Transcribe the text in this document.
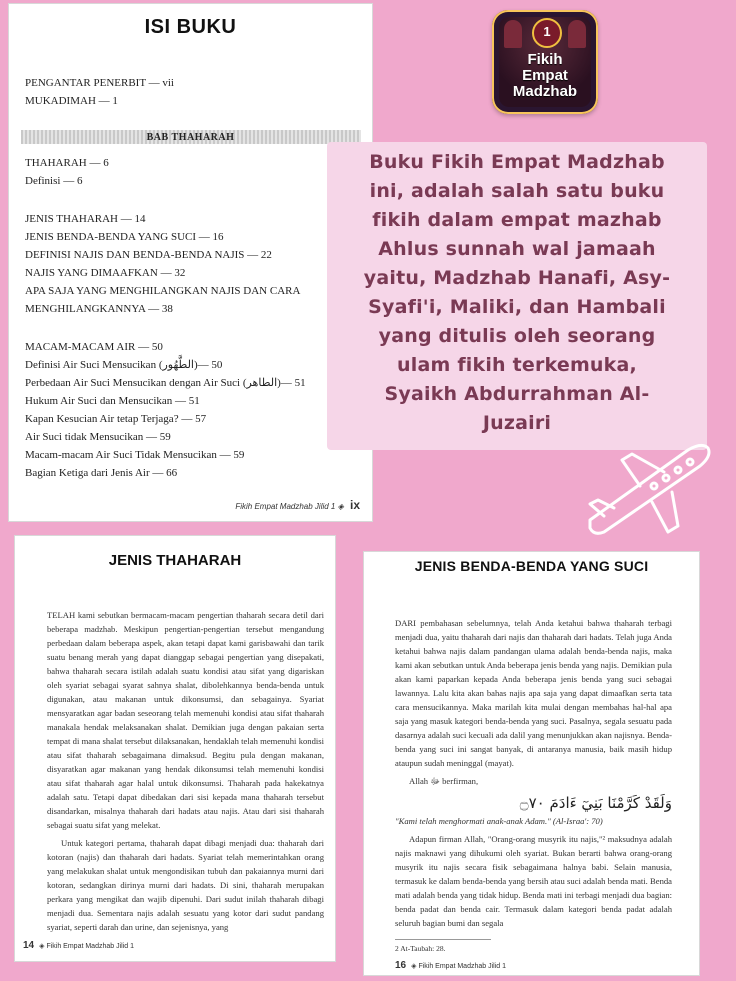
ISI BUKU
PENGANTAR PENERBIT — vii
MUKADIMAH — 1
BAB THAHARAH
THAHARAH — 6
Definisi — 6
JENIS THAHARAH — 14
JENIS BENDA-BENDA YANG SUCI — 16
DEFINISI NAJIS DAN BENDA-BENDA NAJIS — 22
NAJIS YANG DIMAAFKAN — 32
APA SAJA YANG MENGHILANGKAN NAJIS DAN CARA
MENGHILANGKANNYA — 38
MACAM-MACAM AIR — 50
Definisi Air Suci Mensucikan (الطَّهُور)— 50
Perbedaan Air Suci Mensucikan dengan Air Suci (الطاهر)— 51
Hukum Air Suci dan Mensucikan — 51
Kapan Kesucian Air tetap Terjaga? — 57
Air Suci tidak Mensucikan — 59
Macam-macam Air Suci Tidak Mensucikan — 59
Bagian Ketiga dari Jenis Air — 66
Fikih Empat Madzhab Jilid 1 ◈ ix
1
Fikih
Empat
Madzhab
Buku Fikih Empat Madzhab
ini, adalah salah satu buku
fikih dalam empat mazhab
Ahlus sunnah wal jamaah
yaitu, Madzhab Hanafi, Asy-
Syafi'i, Maliki, dan Hambali
yang ditulis oleh seorang
ulam fikih terkemuka,
Syaikh Abdurrahman Al-
Juzairi
JENIS THAHARAH

TELAH kami sebutkan bermacam-macam pengertian thaharah secara detil dari beberapa madzhab. Meskipun pengertian-pengertian tersebut mengandung perbedaan dalam beberapa aspek, akan tetapi dapat kami garisbawahi dan tarik suatu benang merah yang dapat dianggap sebagai pengertian yang disepakati, bahwa thaharah secara istilah adalah suatu kondisi atau sifat yang digariskan oleh syariat sebagai syarat sahnya shalat, dibolehkannya benda-benda untuk digunakan, atau makanan untuk dikonsumsi, dan sebagainya. Syariat mensyaratkan agar badan seseorang telah memenuhi kondisi atau sifat thaharah manakala hendak melaksanakan shalat. Demikian juga dengan pakaian serta tempat di mana shalat tersebut dilaksanakan, hendaklah telah memenuhi kondisi atau sifat thaharah sebagaimana dimaksud. Begitu pula dengan makanan, disyaratkan agar makanan yang hendak dikonsumsi telah memenuhi kondisi atau sifat thaharah agar halal untuk dikonsumsi. Thaharah pada hakekatnya adalah satu. Tetapi dapat dibedakan dari sisi kepada mana thaharah tersebut disandarkan, misalnya thaharah dari hadats atau najis. Atau dari sisi thaharah sebagai suatu sifat yang melekat.

Untuk kategori pertama, thaharah dapat dibagi menjadi dua: thaharah dari kotoran (najis) dan thaharah dari hadats. Syariat telah memerintahkan orang yang melakukan shalat untuk mengondisikan tubuh dan pakaiannya murni dari kotoran, sedangkan dirinya murni dari hadats. Di sini, thaharah merupakan perkara yang mengikat dan wajib dipenuhi. Dari sudut inilah thaharah dibagi menjadi dua. Sementara najis adalah sesuatu yang kotor dari sudut pandang syariat, seperti darah dan urine, dan sejenisnya, yang

14 ◈ Fikih Empat Madzhab Jilid 1
JENIS BENDA-BENDA YANG SUCI

DARI pembahasan sebelumnya, telah Anda ketahui bahwa thaharah terbagi menjadi dua, yaitu thaharah dari najis dan thaharah dari hadats. Telah juga Anda ketahui bahwa najis dalam pandangan ulama adalah benda-benda najis, maka kami akan sebutkan untuk Anda beberapa jenis benda yang najis. Demikian pula akan kami paparkan kepada Anda beberapa jenis benda yang suci sebagai lawannya. Lalu kita akan bahas najis apa saja yang dapat dimaafkan serta tata cara mensucikannya. Maka marilah kita mulai dengan membahas hal-hal apa saja yang masuk kategori benda-benda yang suci. Pasalnya, segala sesuatu pada dasarnya adalah suci kecuali ada dalil yang menunjukkan akan najisnya. Benda-benda yang suci ini sangat banyak, di antaranya manusia, baik masih hidup ataupun sudah meninggal (mayat).

Allah ﷻ berfirman,

وَلَقَدْ كَرَّمْنَا بَنِيٓ ءَادَمَ ۝٧٠

"Kami telah menghormati anak-anak Adam." (Al-Israa': 70)

Adapun firman Allah, "Orang-orang musyrik itu najis,"² maksudnya adalah najis maknawi yang dihukumi oleh syariat. Bukan berarti bahwa orang-orang musyrik itu najis secara fisik sebagaimana halnya babi. Selain manusia, termasuk ke dalam benda-benda yang bersih atau suci adalah benda mati. Benda mati adalah benda yang tidak hidup. Benda mati ini terbagi menjadi dua bagian: benda padat dan benda cair. Termasuk dalam kategori benda padat adalah seluruh bagian bumi dan segala

2 At-Taubah: 28.
16 ◈ Fikih Empat Madzhab Jilid 1
